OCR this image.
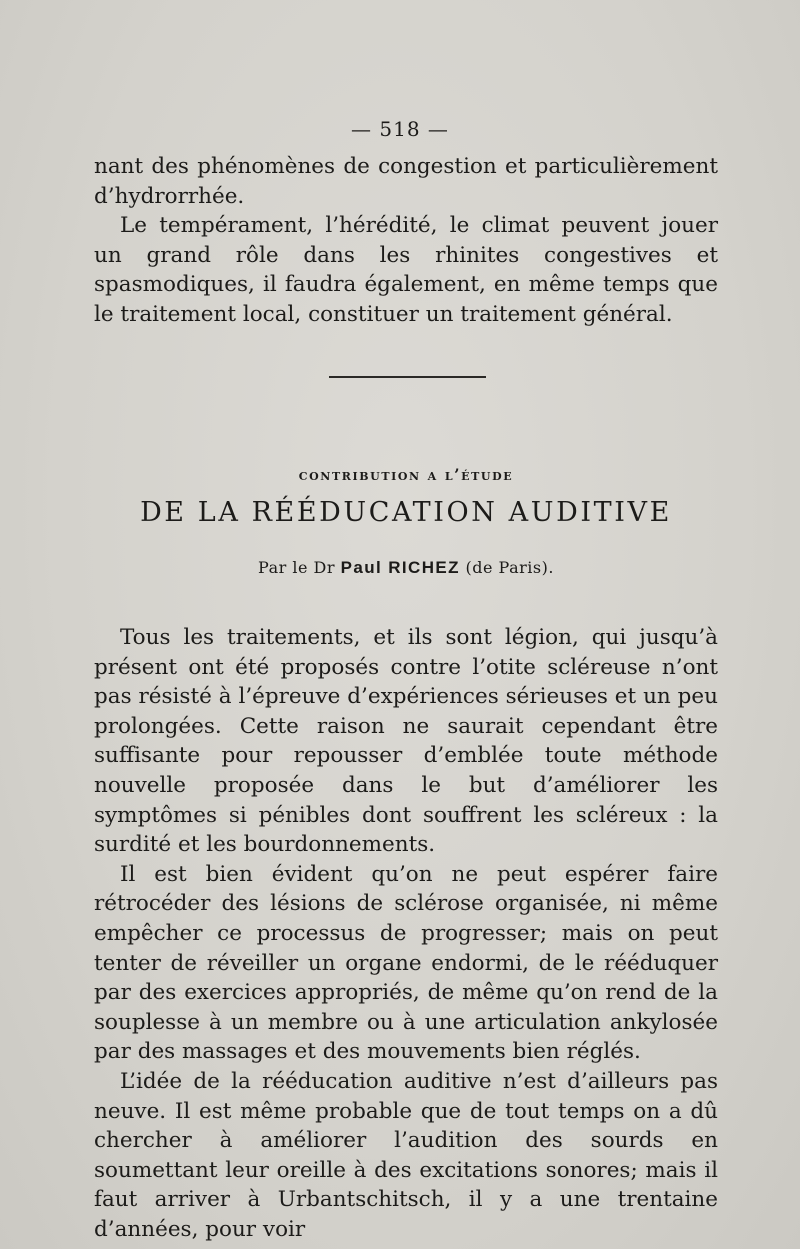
— 518 —

nant des phénomènes de congestion et particulièrement d’hydrorrhée.

Le tempérament, l’hérédité, le climat peuvent jouer un grand rôle dans les rhinites congestives et spasmodiques, il faudra également, en même temps que le traitement local, constituer un traitement général.

contribution a l’étude
DE LA RÉÉDUCATION AUDITIVE
Par le Dr Paul RICHEZ (de Paris).

Tous les traitements, et ils sont légion, qui jusqu’à présent ont été proposés contre l’otite scléreuse n’ont pas résisté à l’épreuve d’expériences sérieuses et un peu prolongées. Cette raison ne saurait cependant être suffisante pour repousser d’emblée toute méthode nouvelle proposée dans le but d’améliorer les symptômes si pénibles dont souffrent les scléreux : la surdité et les bourdonnements.

Il est bien évident qu’on ne peut espérer faire rétrocéder des lésions de sclérose organisée, ni même empêcher ce processus de progresser; mais on peut tenter de réveiller un organe endormi, de le rééduquer par des exercices appropriés, de même qu’on rend de la souplesse à un membre ou à une articulation ankylosée par des massages et des mouvements bien réglés.

L’idée de la rééducation auditive n’est d’ailleurs pas neuve. Il est même probable que de tout temps on a dû chercher à améliorer l’audition des sourds en soumettant leur oreille à des excitations sonores; mais il faut arriver à Urbantschitsch, il y a une trentaine d’années, pour voir
